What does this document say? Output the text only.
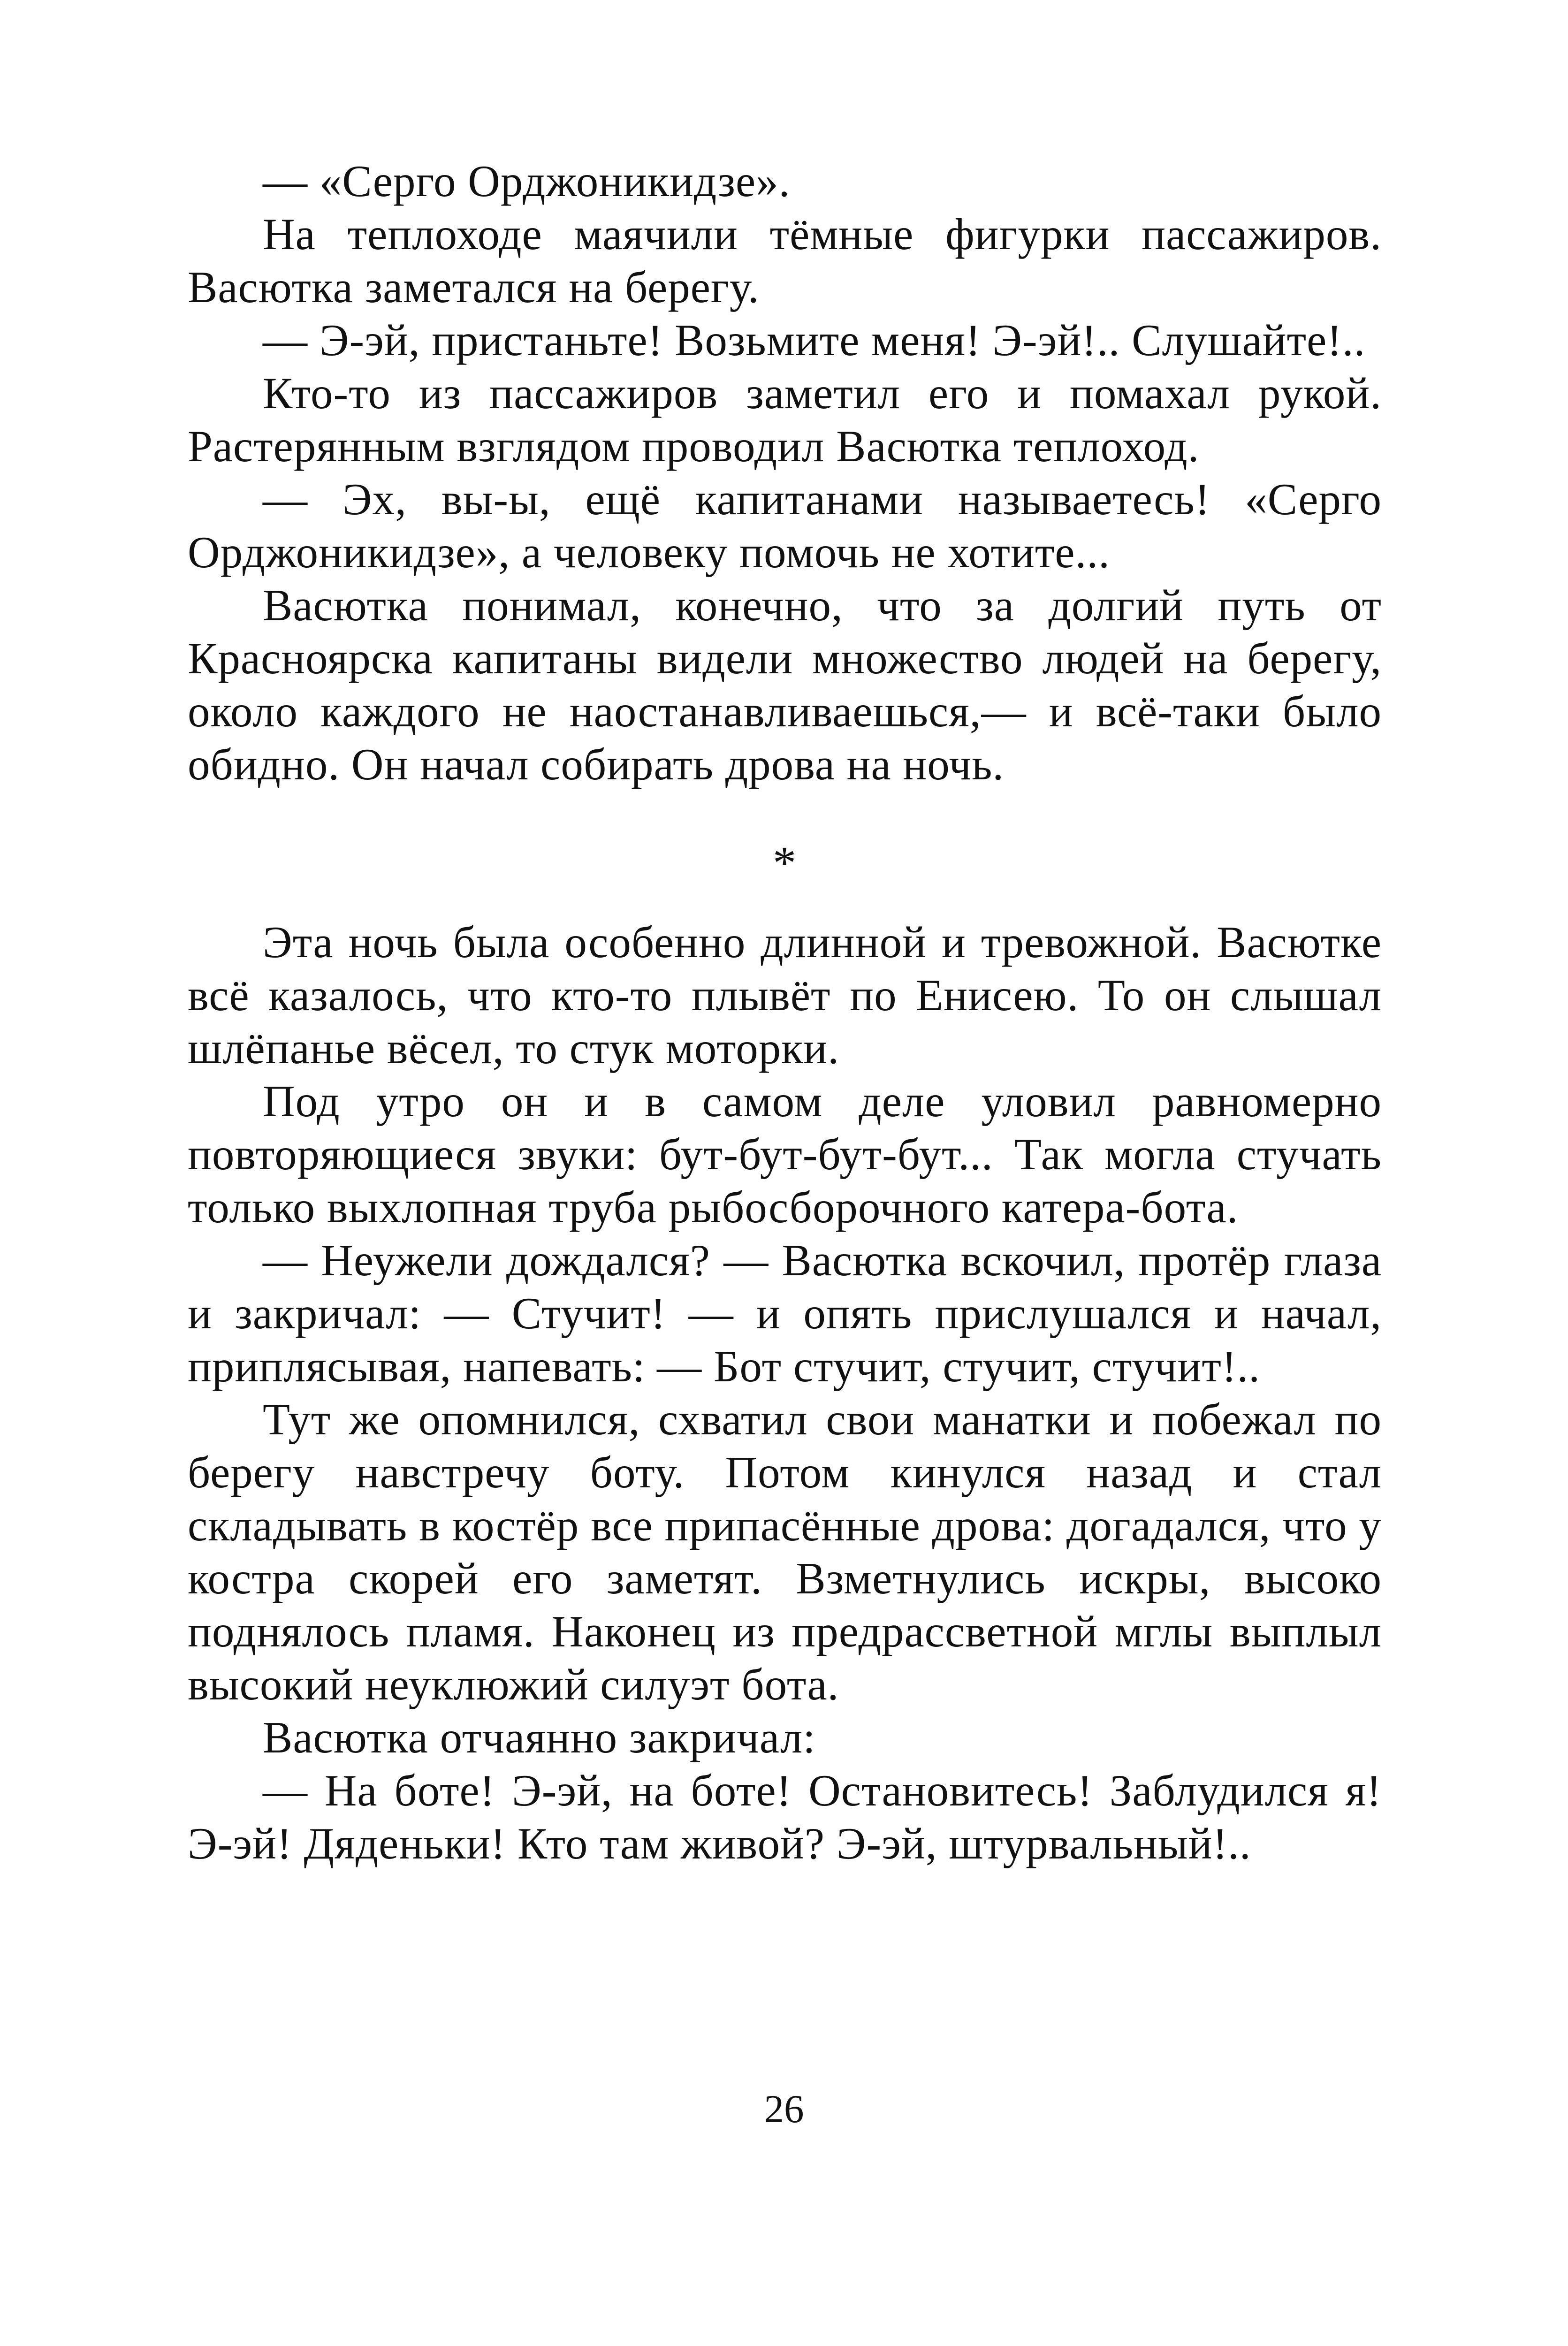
— «Серго Орджоникидзе».

На теплоходе маячили тёмные фигурки пассажиров. Васютка заметался на берегу.

— Э-эй, пристаньте! Возьмите меня! Э-эй!.. Слушайте!..

Кто-то из пассажиров заметил его и помахал рукой. Растерянным взглядом проводил Васютка теплоход.

— Эх, вы-ы, ещё капитанами называетесь! «Серго Орджоникидзе», а человеку помочь не хотите...

Васютка понимал, конечно, что за долгий путь от Красноярска капитаны видели множество людей на берегу, около каждого не наостанавливаешься,— и всё-таки было обидно. Он начал собирать дрова на ночь.

*

Эта ночь была особенно длинной и тревожной. Васютке всё казалось, что кто-то плывёт по Енисею. То он слышал шлёпанье вёсел, то стук моторки.

Под утро он и в самом деле уловил равномерно повторяющиеся звуки: бут-бут-бут-бут... Так могла стучать только выхлопная труба рыбосборочного катера-бота.

— Неужели дождался? — Васютка вскочил, протёр глаза и закричал: — Стучит! — и опять прислушался и начал, приплясывая, напевать: — Бот стучит, стучит, стучит!..

Тут же опомнился, схватил свои манатки и побежал по берегу навстречу боту. Потом кинулся назад и стал складывать в костёр все припасённые дрова: догадался, что у костра скорей его заметят. Взметнулись искры, высоко поднялось пламя. Наконец из предрассветной мглы выплыл высокий неуклюжий силуэт бота.

Васютка отчаянно закричал:

— На боте! Э-эй, на боте! Остановитесь! Заблудился я! Э-эй! Дяденьки! Кто там живой? Э-эй, штурвальный!..

26
